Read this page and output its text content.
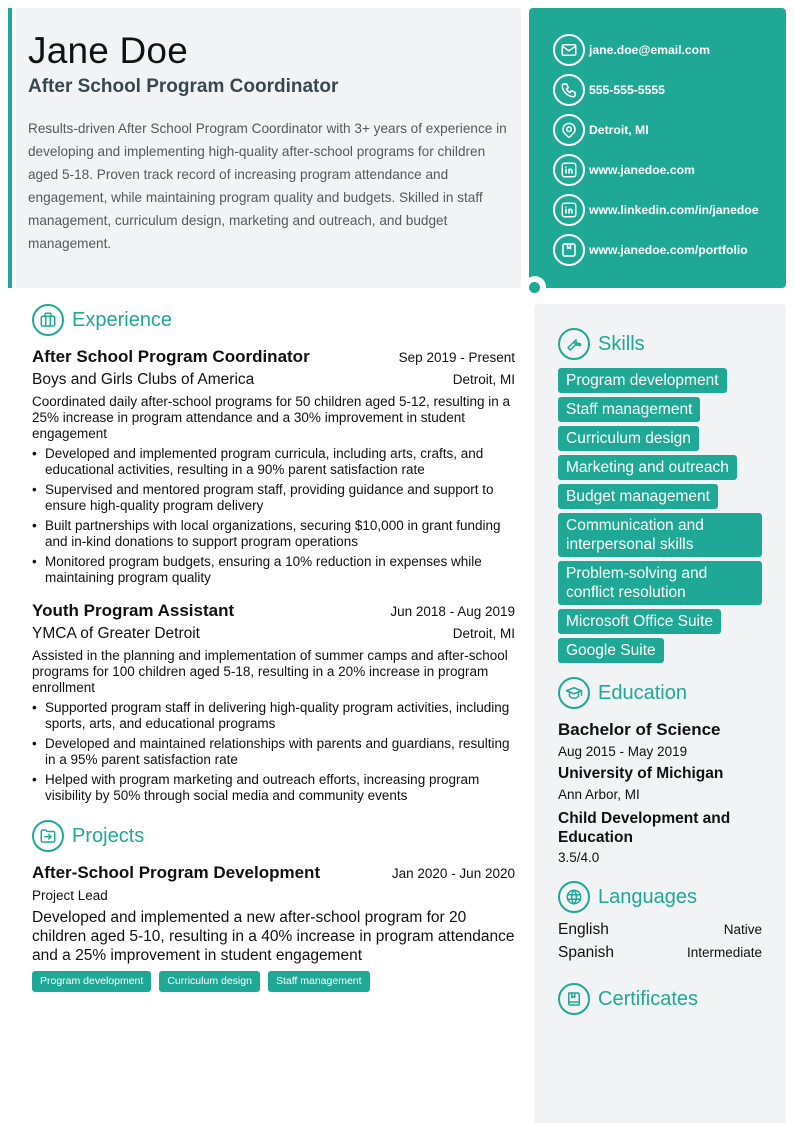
Jane Doe
After School Program Coordinator
Results-driven After School Program Coordinator with 3+ years of experience in developing and implementing high-quality after-school programs for children aged 5-18. Proven track record of increasing program attendance and engagement, while maintaining program quality and budgets. Skilled in staff management, curriculum design, marketing and outreach, and budget management.
jane.doe@email.com
555-555-5555
Detroit, MI
www.janedoe.com
www.linkedin.com/in/janedoe
www.janedoe.com/portfolio
Experience
After School Program Coordinator	Sep 2019 - Present
Boys and Girls Clubs of America	Detroit, MI
Coordinated daily after-school programs for 50 children aged 5-12, resulting in a 25% increase in program attendance and a 30% improvement in student engagement
• Developed and implemented program curricula, including arts, crafts, and educational activities, resulting in a 90% parent satisfaction rate
• Supervised and mentored program staff, providing guidance and support to ensure high-quality program delivery
• Built partnerships with local organizations, securing $10,000 in grant funding and in-kind donations to support program operations
• Monitored program budgets, ensuring a 10% reduction in expenses while maintaining program quality
Youth Program Assistant	Jun 2018 - Aug 2019
YMCA of Greater Detroit	Detroit, MI
Assisted in the planning and implementation of summer camps and after-school programs for 100 children aged 5-18, resulting in a 20% increase in program enrollment
• Supported program staff in delivering high-quality program activities, including sports, arts, and educational programs
• Developed and maintained relationships with parents and guardians, resulting in a 95% parent satisfaction rate
• Helped with program marketing and outreach efforts, increasing program visibility by 50% through social media and community events
Projects
After-School Program Development	Jan 2020 - Jun 2020
Project Lead
Developed and implemented a new after-school program for 20 children aged 5-10, resulting in a 40% increase in program attendance and a 25% improvement in student engagement
Program development	Curriculum design	Staff management
Skills
Program development
Staff management
Curriculum design
Marketing and outreach
Budget management
Communication and interpersonal skills
Problem-solving and conflict resolution
Microsoft Office Suite
Google Suite
Education
Bachelor of Science
Aug 2015 - May 2019
University of Michigan
Ann Arbor, MI
Child Development and Education
3.5/4.0
Languages
English	Native
Spanish	Intermediate
Certificates
